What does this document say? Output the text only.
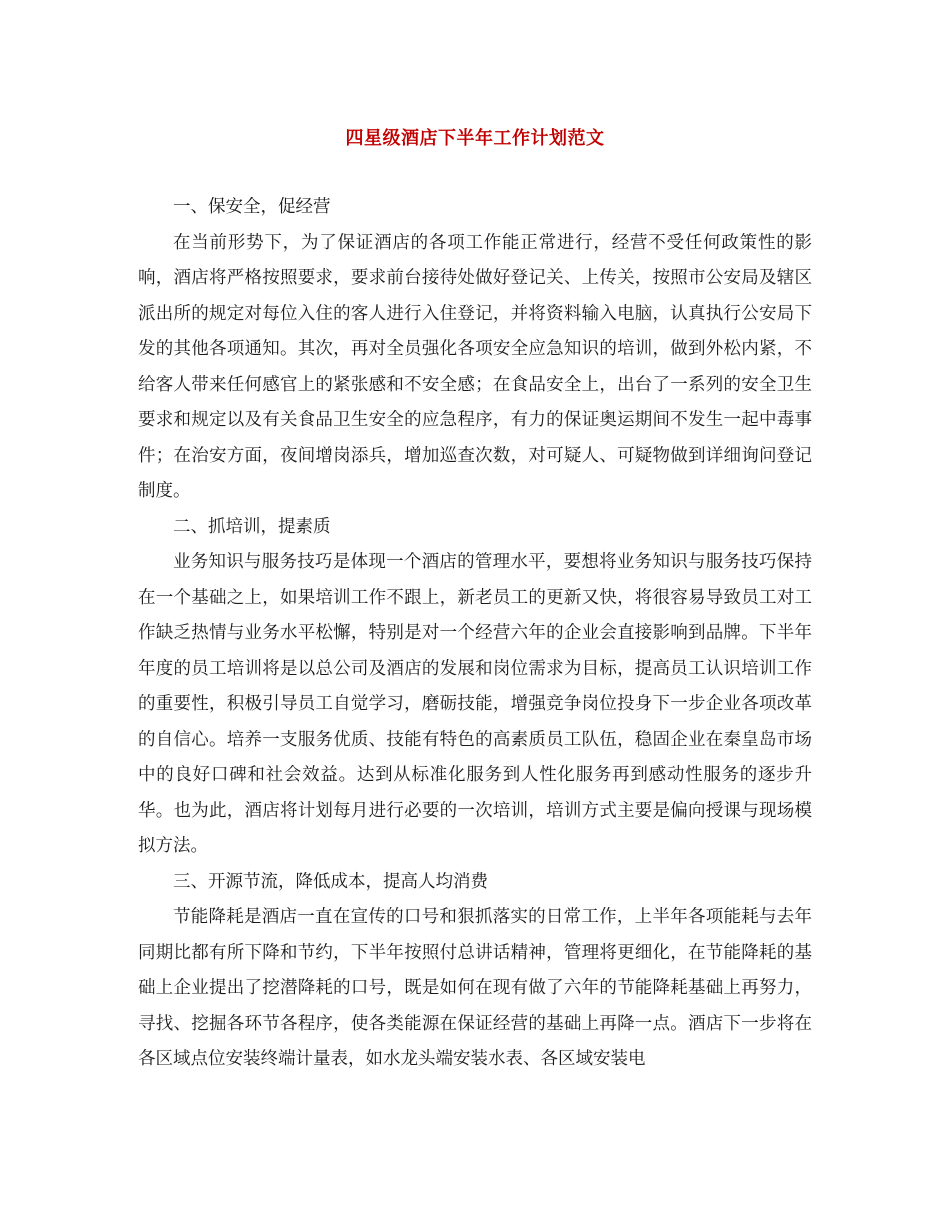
四星级酒店下半年工作计划范文

一、保安全，促经营

在当前形势下，为了保证酒店的各项工作能正常进行，经营不受任何政策性的影响，酒店将严格按照要求，要求前台接待处做好登记关、上传关，按照市公安局及辖区派出所的规定对每位入住的客人进行入住登记，并将资料输入电脑，认真执行公安局下发的其他各项通知。其次，再对全员强化各项安全应急知识的培训，做到外松内紧，不给客人带来任何感官上的紧张感和不安全感；在食品安全上，出台了一系列的安全卫生要求和规定以及有关食品卫生安全的应急程序，有力的保证奥运期间不发生一起中毒事件；在治安方面，夜间增岗添兵，增加巡查次数，对可疑人、可疑物做到详细询问登记制度。

二、抓培训，提素质

业务知识与服务技巧是体现一个酒店的管理水平，要想将业务知识与服务技巧保持在一个基础之上，如果培训工作不跟上，新老员工的更新又快，将很容易导致员工对工作缺乏热情与业务水平松懈，特别是对一个经营六年的企业会直接影响到品牌。下半年年度的员工培训将是以总公司及酒店的发展和岗位需求为目标，提高员工认识培训工作的重要性，积极引导员工自觉学习，磨砺技能，增强竞争岗位投身下一步企业各项改革的自信心。培养一支服务优质、技能有特色的高素质员工队伍，稳固企业在秦皇岛市场中的良好口碑和社会效益。达到从标准化服务到人性化服务再到感动性服务的逐步升华。也为此，酒店将计划每月进行必要的一次培训，培训方式主要是偏向授课与现场模拟方法。

三、开源节流，降低成本，提高人均消费

节能降耗是酒店一直在宣传的口号和狠抓落实的日常工作，上半年各项能耗与去年同期比都有所下降和节约，下半年按照付总讲话精神，管理将更细化，在节能降耗的基础上企业提出了挖潜降耗的口号，既是如何在现有做了六年的节能降耗基础上再努力，寻找、挖掘各环节各程序，使各类能源在保证经营的基础上再降一点。酒店下一步将在各区域点位安装终端计量表，如水龙头端安装水表、各区域安装电
